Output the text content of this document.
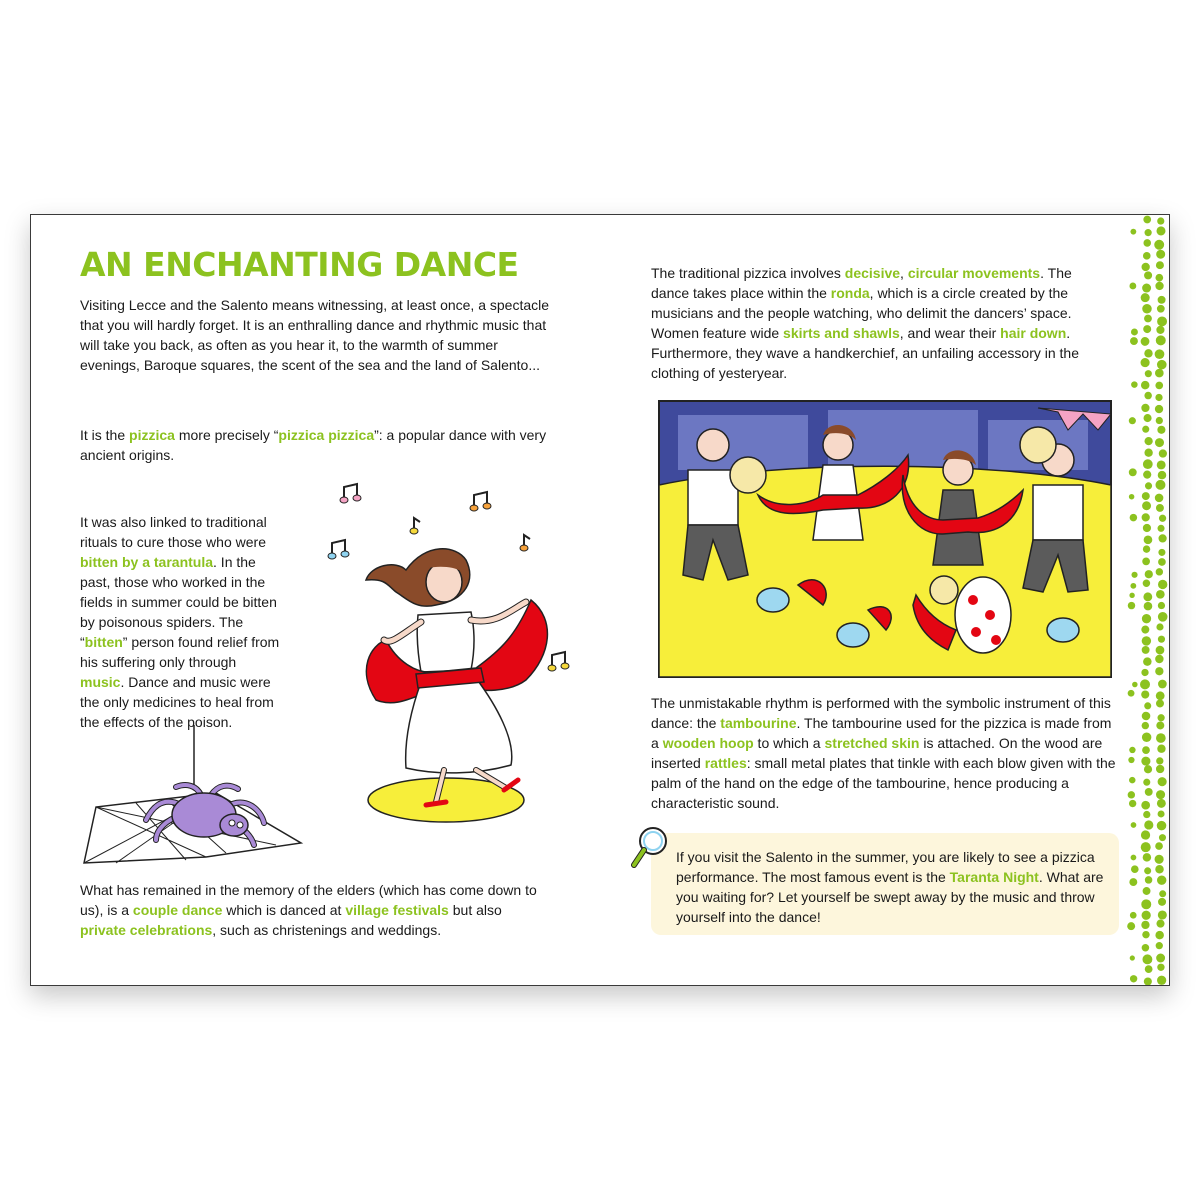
AN ENCHANTING DANCE

Visiting Lecce and the Salento means witnessing, at least once, a spectacle that you will hardly forget. It is an enthralling dance and rhythmic music that will take you back, as often as you hear it, to the warmth of summer evenings, Baroque squares, the scent of the sea and the land of Salento...

It is the pizzica more precisely “pizzica pizzica”: a popular dance with very ancient origins.

It was also linked to traditional rituals to cure those who were bitten by a tarantula. In the past, those who worked in the fields in summer could be bitten by poisonous spiders. The “bitten” person found relief from his suffering only through music. Dance and music were the only medicines to heal from the effects of the poison.

What has remained in the memory of the elders (which has come down to us), is a couple dance which is danced at village festivals but also private celebrations, such as christenings and weddings.

The traditional pizzica involves decisive, circular movements. The dance takes place within the ronda, which is a circle created by the musicians and the people watching, who delimit the dancers’ space. Women feature wide skirts and shawls, and wear their hair down. Furthermore, they wave a handkerchief, an unfailing accessory in the clothing of yesteryear.

The unmistakable rhythm is performed with the symbolic instrument of this dance: the tambourine. The tambourine used for the pizzica is made from a wooden hoop to which a stretched skin is attached. On the wood are inserted rattles: small metal plates that tinkle with each blow given with the palm of the hand on the edge of the tambourine, hence producing a characteristic sound.

If you visit the Salento in the summer, you are likely to see a pizzica performance. The most famous event is the Taranta Night. What are you waiting for? Let yourself be swept away by the music and throw yourself into the dance!
